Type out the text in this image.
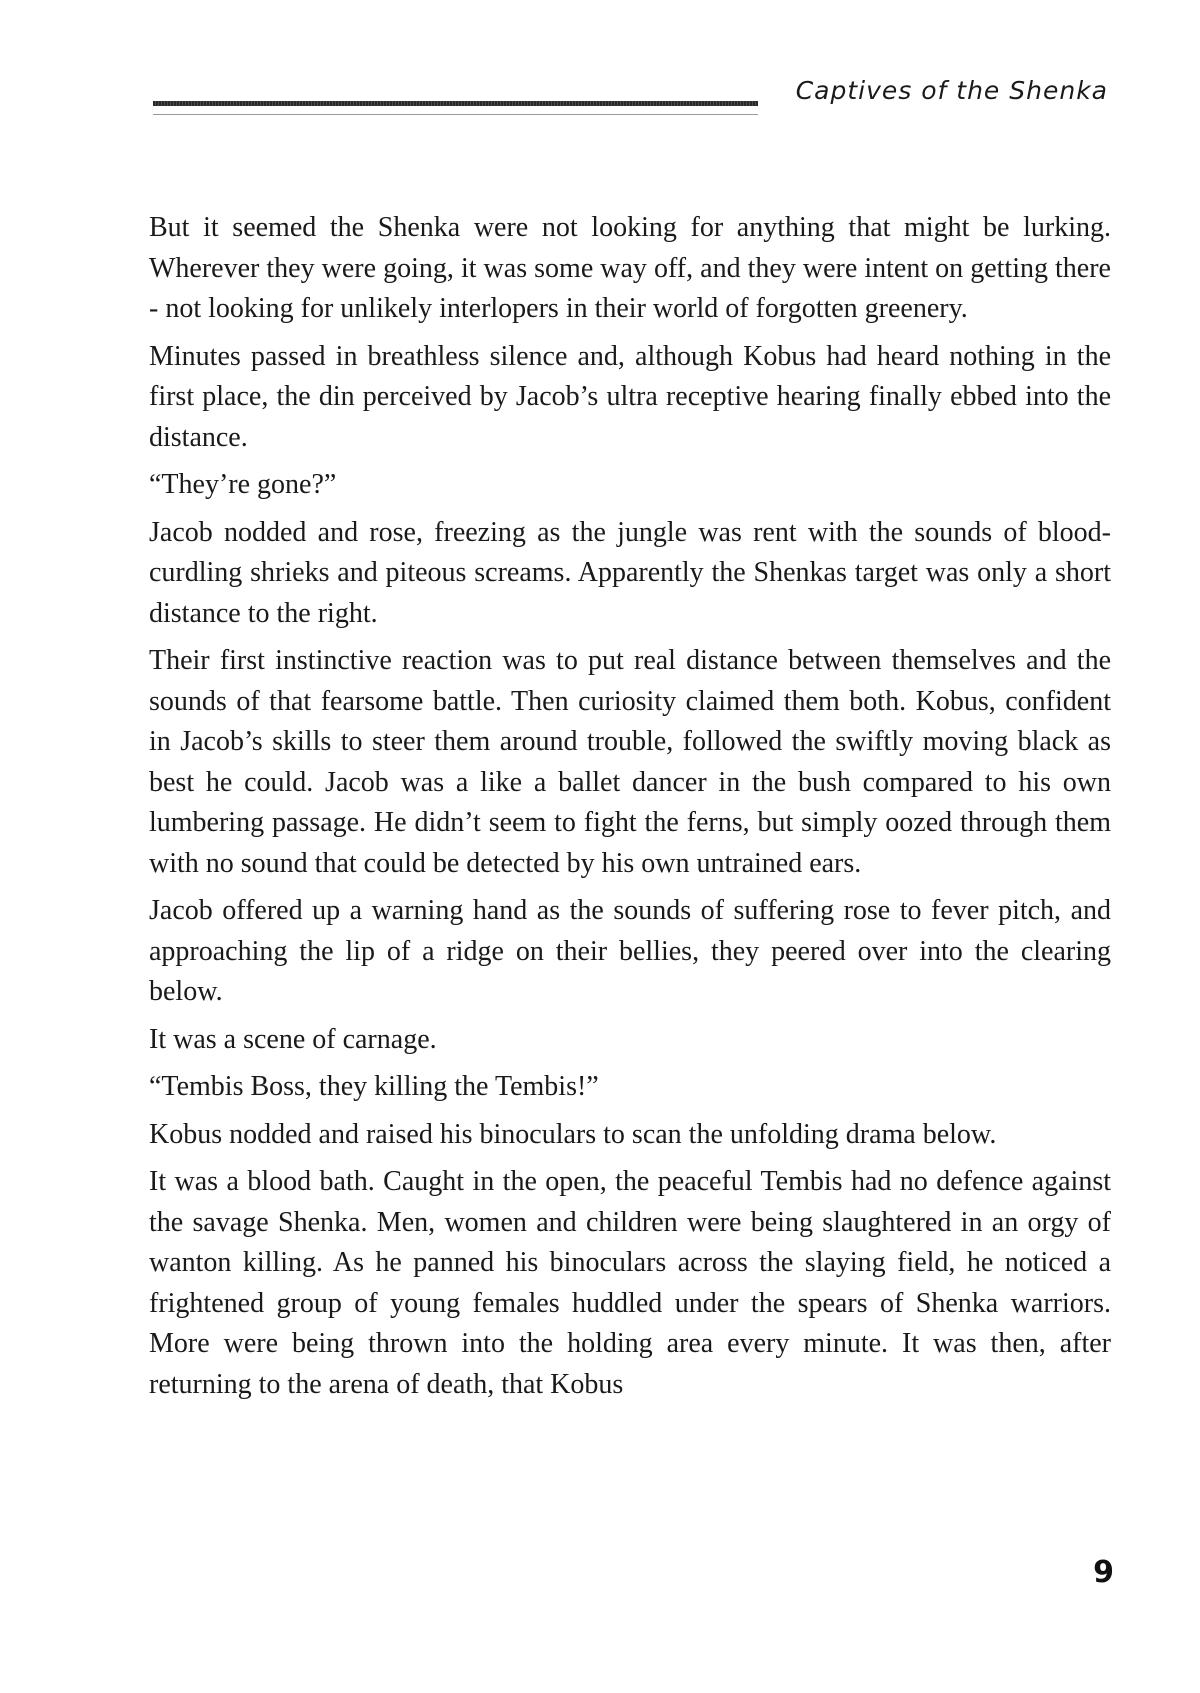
Captives of the Shenka

But it seemed the Shenka were not looking for anything that might be lurking. Wherever they were going, it was some way off, and they were intent on getting there - not looking for unlikely interlopers in their world of forgotten greenery.

Minutes passed in breathless silence and, although Kobus had heard nothing in the first place, the din perceived by Jacob’s ultra receptive hearing finally ebbed into the distance.

“They’re gone?”

Jacob nodded and rose, freezing as the jungle was rent with the sounds of blood-curdling shrieks and piteous screams. Apparently the Shenkas target was only a short distance to the right.

Their first instinctive reaction was to put real distance between themselves and the sounds of that fearsome battle. Then curiosity claimed them both. Kobus, confident in Jacob’s skills to steer them around trouble, followed the swiftly moving black as best he could. Jacob was a like a ballet dancer in the bush compared to his own lumbering passage. He didn’t seem to fight the ferns, but simply oozed through them with no sound that could be detected by his own untrained ears.

Jacob offered up a warning hand as the sounds of suffering rose to fever pitch, and approaching the lip of a ridge on their bellies, they peered over into the clearing below.

It was a scene of carnage.

“Tembis Boss, they killing the Tembis!”

Kobus nodded and raised his binoculars to scan the unfolding drama below.

It was a blood bath. Caught in the open, the peaceful Tembis had no defence against the savage Shenka. Men, women and children were being slaughtered in an orgy of wanton killing. As he panned his binoculars across the slaying field, he noticed a frightened group of young females huddled under the spears of Shenka warriors. More were being thrown into the holding area every minute. It was then, after returning to the arena of death, that Kobus

9
